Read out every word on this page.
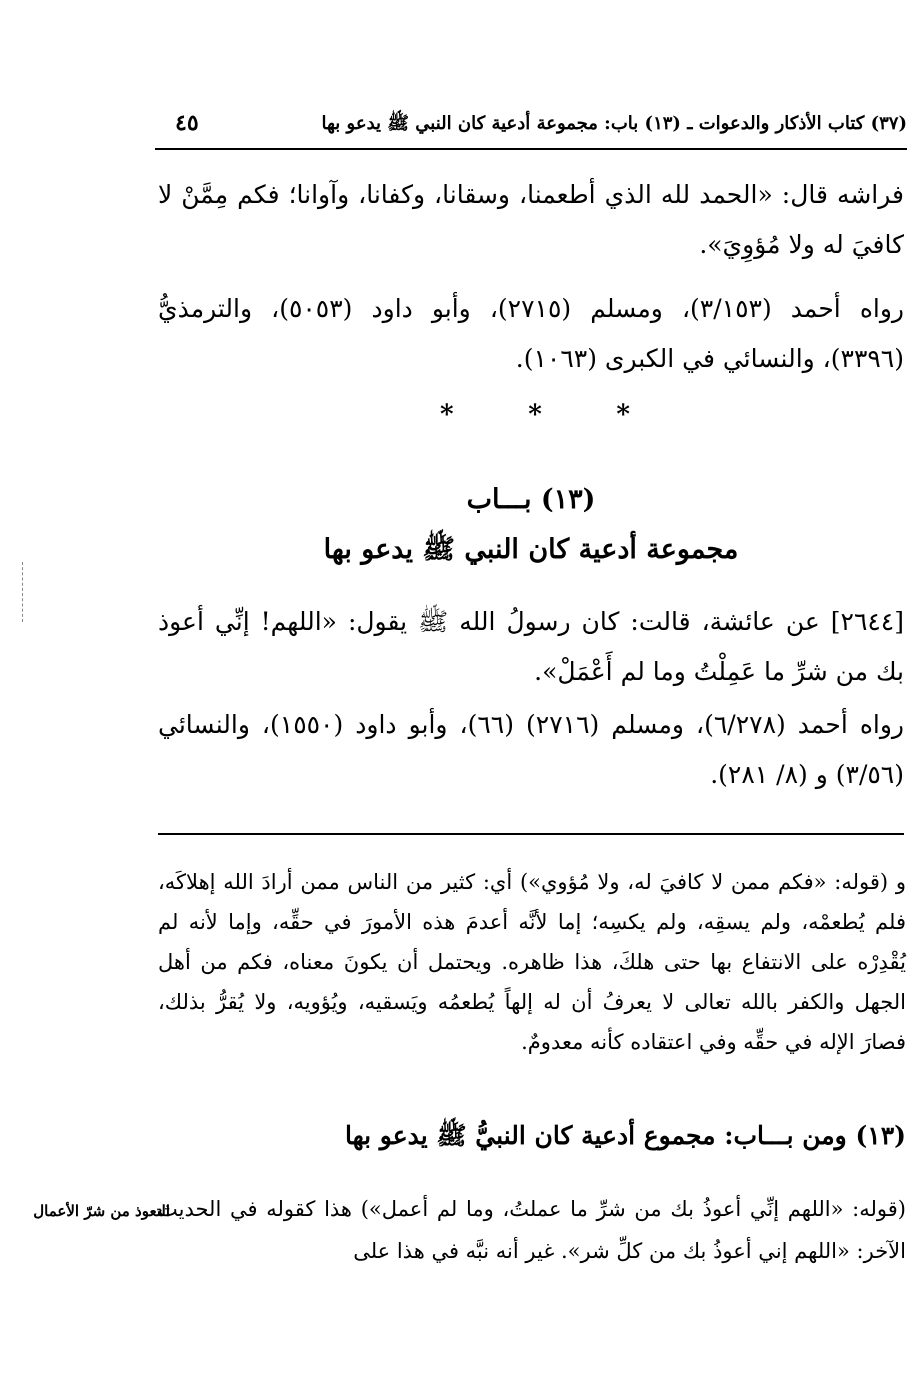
(٣٧) كتاب الأذكار والدعوات ـ (١٣) باب: مجموعة أدعية كان النبي ﷺ يدعو بها
٤٥

فراشه قال: «الحمد لله الذي أطعمنا، وسقانا، وكفانا، وآوانا؛ فكم مِمَّنْ لا كافيَ له ولا مُؤوِيَ».

رواه أحمد (٣/١٥٣)، ومسلم (٢٧١٥)، وأبو داود (٥٠٥٣)، والترمذيُّ (٣٣٩٦)، والنسائي في الكبرى (١٠٦٣).

*	*	*
(١٣) بـــاب
مجموعة أدعية كان النبي ﷺ يدعو بها

[٢٦٤٤] عن عائشة، قالت: كان رسولُ الله ﷺ يقول: «اللهم! إنِّي أعوذ بك من شرِّ ما عَمِلْتُ وما لم أَعْمَلْ».

رواه أحمد (٦/٢٧٨)، ومسلم (٢٧١٦) (٦٦)، وأبو داود (١٥٥٠)، والنسائي (٣/٥٦) و (٨/ ٢٨١).

و (قوله: «فكم ممن لا كافيَ له، ولا مُؤوي») أي: كثير من الناس ممن أرادَ الله إهلاكَه، فلم يُطعمْه، ولم يسقِه، ولم يكسِه؛ إما لأنَّه أعدمَ هذه الأمورَ في حقِّه، وإما لأنه لم يُقْدِرْه على الانتفاع بها حتى هلكَ، هذا ظاهره. ويحتمل أن يكونَ معناه، فكم من أهل الجهل والكفر بالله تعالى لا يعرفُ أن له إلهاً يُطعمُه ويَسقيه، ويُؤويه، ولا يُقرُّ بذلك، فصارَ الإله في حقِّه وفي اعتقاده كأنه معدومٌ.

(١٣) ومن بـــاب: مجموع أدعية كان النبيُّ ﷺ يدعو بها

(قوله: «اللهم إنِّي أعوذُ بك من شرِّ ما عملتُ، وما لم أعمل») هذا كقوله في الحديث الآخر: «اللهم إني أعوذُ بك من كلِّ شر». غير أنه نبَّه في هذا على

التعوذ من شرّ الأعمال
